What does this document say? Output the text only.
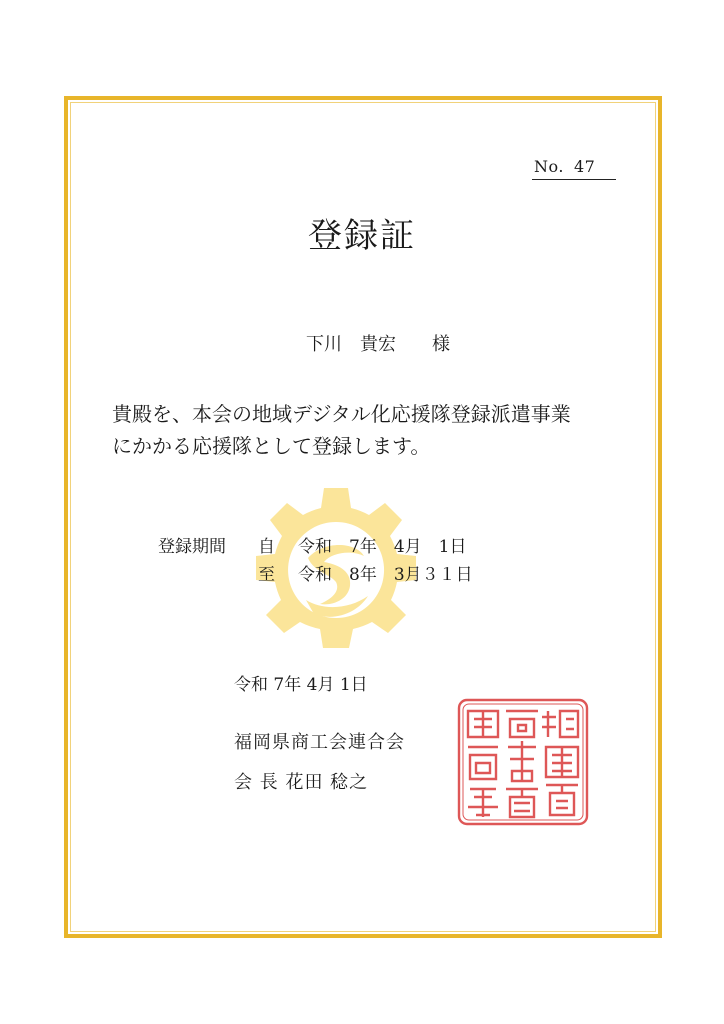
No. 47
登録証
下川　貴宏　　様
貴殿を、本会の地域デジタル化応援隊登録派遣事業
にかかる応援隊として登録します。
登録期間 自 令和　7年　4月　1日
至 令和　8年　3月３１日
令和 7年 4月 1日
福岡県商工会連合会
会 長 花田 稔之
